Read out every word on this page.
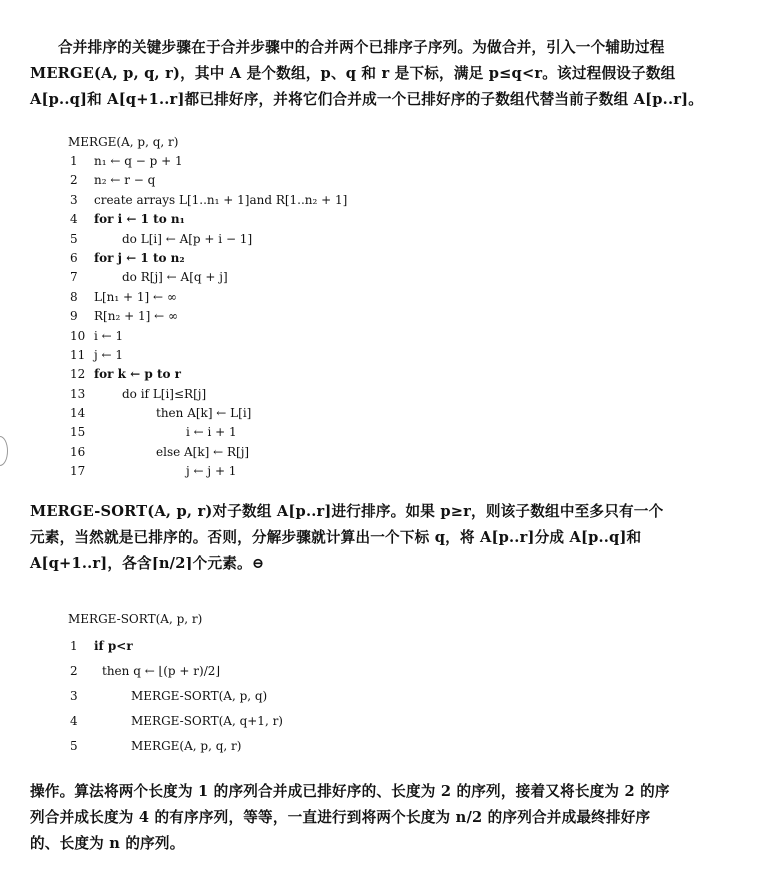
合并排序的关键步骤在于合并步骤中的合并两个已排序子序列。为做合并，引入一个辅助过程
MERGE(A, p, q, r)，其中 A 是个数组，p、q 和 r 是下标，满足 p≤q<r。该过程假设子数组
A[p..q]和 A[q+1..r]都已排好序，并将它们合并成一个已排好序的子数组代替当前子数组 A[p..r]。
MERGE(A, p, q, r)
1	n₁ ← q − p + 1
2	n₂ ← r − q
3	create arrays L[1..n₁ + 1]and R[1..n₂ + 1]
4	for i ← 1 to n₁
5	do L[i] ← A[p + i − 1]
6	for j ← 1 to n₂
7	do R[j] ← A[q + j]
8	L[n₁ + 1] ← ∞
9	R[n₂ + 1] ← ∞
10 i ← 1
11 j ← 1
12 for k ← p to r
13	do if L[i]≤R[j]
14	then A[k] ← L[i]
15	i ← i + 1
16	else A[k] ← R[j]
17	j ← j + 1
MERGE-SORT(A, p, r)对子数组 A[p..r]进行排序。如果 p≥r，则该子数组中至多只有一个
元素，当然就是已排序的。否则，分解步骤就计算出一个下标 q，将 A[p..r]分成 A[p..q]和
A[q+1..r]，各含⌈n/2⌉个元素。⊖
MERGE-SORT(A, p, r)
1	if p<r
2	then q ← ⌊(p + r)/2⌋
3	MERGE-SORT(A, p, q)
4	MERGE-SORT(A, q+1, r)
5	MERGE(A, p, q, r)
操作。算法将两个长度为 1 的序列合并成已排好序的、长度为 2 的序列，接着又将长度为 2 的序
列合并成长度为 4 的有序序列，等等，一直进行到将两个长度为 n/2 的序列合并成最终排好序
的、长度为 n 的序列。
